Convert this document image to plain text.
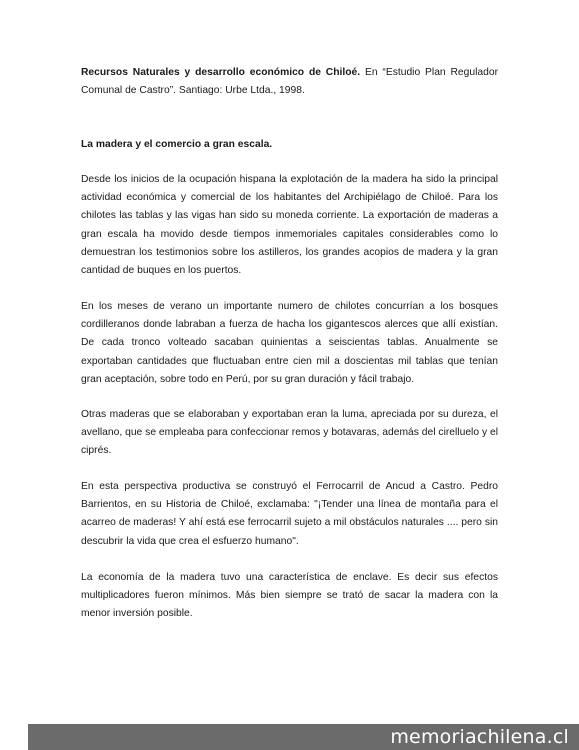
Recursos Naturales y desarrollo económico de Chiloé. En “Estudio Plan Regulador Comunal de Castro”. Santiago: Urbe Ltda., 1998.

La madera y el comercio a gran escala.

Desde los inicios de la ocupación hispana la explotación de la madera ha sido la principal actividad económica y comercial de los habitantes del Archipiélago de Chiloé. Para los chilotes las tablas y las vigas han sido su moneda corriente. La exportación de maderas a gran escala ha movido desde tiempos inmemoriales capitales considerables como lo demuestran los testimonios sobre los astilleros, los grandes acopios de madera y la gran cantidad de buques en los puertos.

En los meses de verano un importante numero de chilotes concurrían a los bosques cordilleranos donde labraban a fuerza de hacha los gigantescos alerces que allí existían. De cada tronco volteado sacaban quinientas a seiscientas tablas. Anualmente se exportaban cantidades que fluctuaban entre cien mil a doscientas mil tablas que tenían gran aceptación, sobre todo en Perú, por su gran duración y fácil trabajo.

Otras maderas que se elaboraban y exportaban eran la luma, apreciada por su dureza, el avellano, que se empleaba para confeccionar remos y botavaras, además del cirelluelo y el ciprés.

En esta perspectiva productiva se construyó el Ferrocarril de Ancud a Castro. Pedro Barrientos, en su Historia de Chiloé, exclamaba: "¡Tender una línea de montaña para el acarreo de maderas! Y ahí está ese ferrocarril sujeto a mil obstáculos naturales .... pero sin descubrir la vida que crea el esfuerzo humano".

La economía de la madera tuvo una característica de enclave. Es decir sus efectos multiplicadores fueron mínimos. Más bien siempre se trató de sacar la madera con la menor inversión posible.

memoriachilena.cl
